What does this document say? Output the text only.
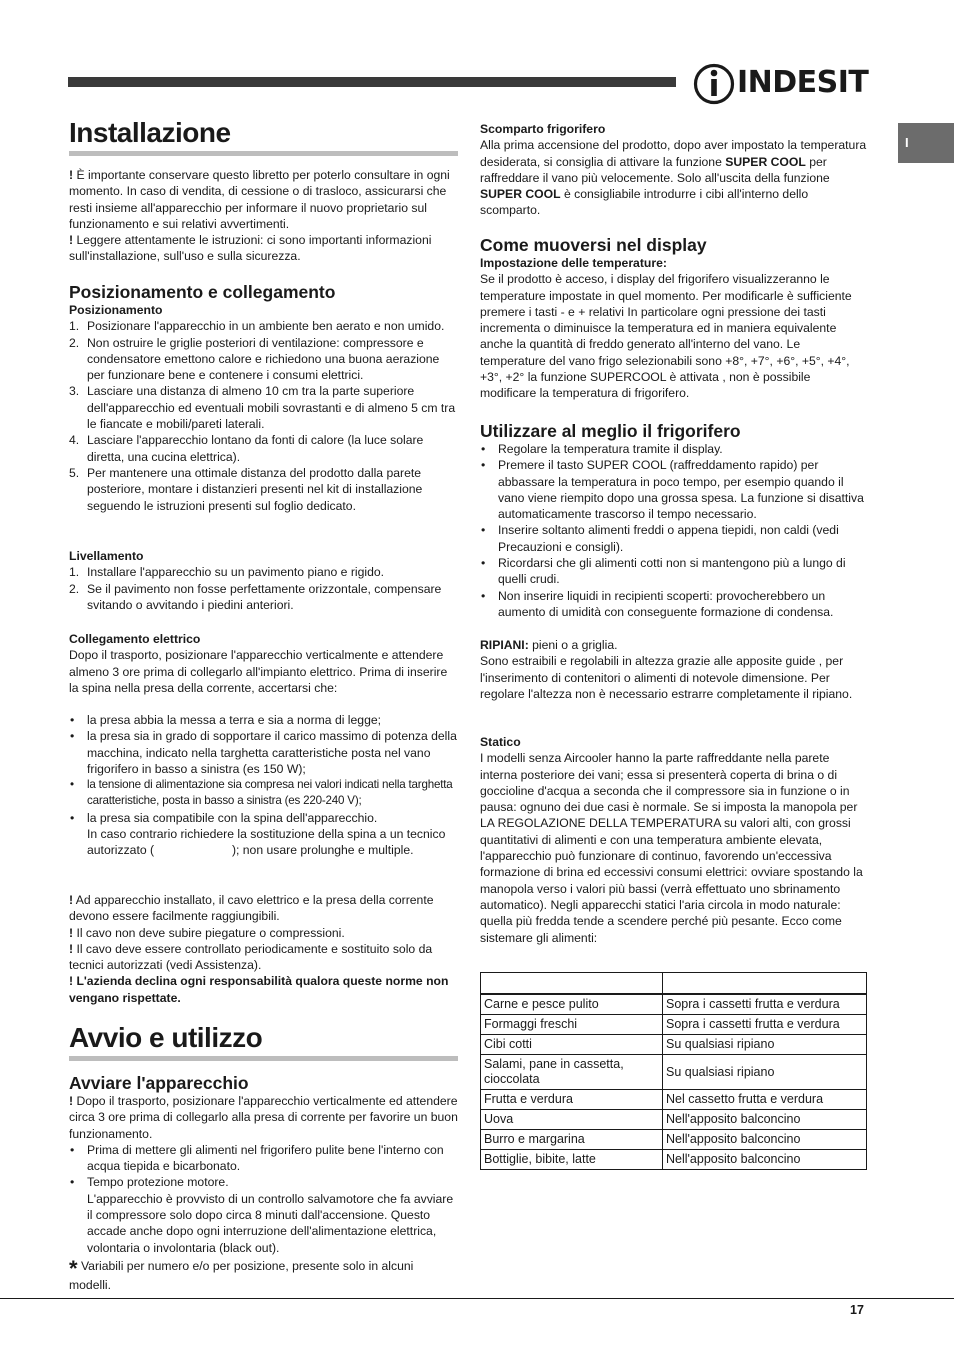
INDESIT
I
Installazione

! È importante conservare questo libretto per poterlo consultare in ogni momento. In caso di vendita, di cessione o di trasloco, assicurarsi che resti insieme all'apparecchio per informare il nuovo proprietario sul funzionamento e sui relativi avvertimenti.

! Leggere attentamente le istruzioni: ci sono importanti informazioni sull'installazione, sull'uso e sulla sicurezza.

Posizionamento e collegamento
Posizionamento
1. Posizionare l'apparecchio in un ambiente ben aerato e non umido.
2. Non ostruire le griglie posteriori di ventilazione: compressore e condensatore emettono calore e richiedono una buona aerazione per funzionare bene e contenere i consumi elettrici.
3. Lasciare una distanza di almeno 10 cm tra la parte superiore dell'apparecchio ed eventuali mobili sovrastanti e di almeno 5 cm tra le fiancate e mobili/pareti laterali.
4. Lasciare l'apparecchio lontano da fonti di calore (la luce solare diretta, una cucina elettrica).
5. Per mantenere una ottimale distanza del prodotto dalla parete posteriore, montare i distanzieri presenti nel kit di installazione seguendo le istruzioni presenti sul foglio dedicato.
Livellamento
1. Installare l'apparecchio su un pavimento piano e rigido.
2. Se il pavimento non fosse perfettamente orizzontale, compensare svitando o avvitando i piedini anteriori.
Collegamento elettrico

Dopo il trasporto, posizionare l'apparecchio verticalmente e attendere almeno 3 ore prima di collegarlo all'impianto elettrico. Prima di inserire la spina nella presa della corrente, accertarsi che:

• la presa abbia la messa a terra e sia a norma di legge;
• la presa sia in grado di sopportare il carico massimo di potenza della macchina, indicato nella targhetta caratteristiche posta nel vano frigorifero in basso a sinistra (es 150 W);
• la tensione di alimentazione sia compresa nei valori indicati nella targhetta caratteristiche, posta in basso a sinistra (es 220-240 V);
• la presa sia compatibile con la spina dell'apparecchio.
In caso contrario richiedere la sostituzione della spina a un tecnico autorizzato (                       ); non usare prolunghe e multiple.

! Ad apparecchio installato, il cavo elettrico e la presa della corrente devono essere facilmente raggiungibili.

! Il cavo non deve subire piegature o compressioni.

! Il cavo deve essere controllato periodicamente e sostituito solo da tecnici autorizzati (vedi Assistenza).

! L'azienda declina ogni responsabilità qualora queste norme non vengano rispettate.

Avvio e utilizzo
Avviare l'apparecchio

! Dopo il trasporto, posizionare l'apparecchio verticalmente ed attendere circa 3 ore prima di collegarlo alla presa di corrente per favorire un buon funzionamento.

• Prima di mettere gli alimenti nel frigorifero pulite bene l'interno con acqua tiepida e bicarbonato.
• Tempo protezione motore.
L'apparecchio è provvisto di un controllo salvamotore che fa avviare il compressore solo dopo circa 8 minuti dall'accensione. Questo accade anche dopo ogni interruzione dell'alimentazione elettrica, volontaria o involontaria (black out).

* Variabili per numero e/o per posizione, presente solo in alcuni modelli.

Scomparto frigorifero

Alla prima accensione del prodotto, dopo aver impostato la temperatura desiderata, si consiglia di attivare la funzione SUPER COOL per raffreddare il vano più velocemente. Solo all'uscita della funzione SUPER COOL è consigliabile introdurre i cibi all'interno dello scomparto.

Come muoversi nel display
Impostazione delle temperature:

Se il prodotto è acceso, i display del frigorifero visualizzeranno le temperature impostate in quel momento. Per modificarle è sufficiente premere i tasti - e + relativi In particolare ogni pressione dei tasti incrementa o diminuisce la temperatura ed in maniera equivalente anche la quantità di freddo generato all'interno del vano. Le temperature del vano frigo selezionabili sono +8°, +7°, +6°, +5°, +4°, +3°, +2° la funzione SUPERCOOL è attivata , non è possibile modificare la temperatura di frigorifero.

Utilizzare al meglio il frigorifero
• Regolare la temperatura tramite il display.
• Premere il tasto SUPER COOL (raffreddamento rapido) per abbassare la temperatura in poco tempo, per esempio quando il vano viene riempito dopo una grossa spesa. La funzione si disattiva automaticamente trascorso il tempo necessario.
• Inserire soltanto alimenti freddi o appena tiepidi, non caldi (vedi Precauzioni e consigli).
• Ricordarsi che gli alimenti cotti non si mantengono più a lungo di quelli crudi.
• Non inserire liquidi in recipienti scoperti: provocherebbero un aumento di umidità con conseguente formazione di condensa.

RIPIANI: pieni o a griglia.

Sono estraibili e regolabili in altezza grazie alle apposite guide , per l'inserimento di contenitori o alimenti di notevole dimensione. Per regolare l'altezza non è necessario estrarre completamente il ripiano.

Statico

I modelli senza Aircooler hanno la parte raffreddante nella parete interna posteriore dei vani; essa si presenterà coperta di brina o di goccioline d'acqua a seconda che il compressore sia in funzione o in pausa: ognuno dei due casi è normale. Se si imposta la manopola per LA REGOLAZIONE DELLA TEMPERATURA su valori alti, con grossi quantitativi di alimenti e con una temperatura ambiente elevata, l'apparecchio può funzionare di continuo, favorendo un'eccessiva formazione di brina ed eccessivi consumi elettrici: ovviare spostando la manopola verso i valori più bassi (verrà effettuato uno sbrinamento automatico). Negli apparecchi statici l'aria circola in modo naturale: quella più fredda tende a scendere perché più pesante. Ecco come sistemare gli alimenti:

Carne e pesce pulito	Sopra i cassetti frutta e verdura
Formaggi freschi	Sopra i cassetti frutta e verdura
Cibi cotti	Su qualsiasi ripiano
Salami, pane in cassetta, cioccolata	Su qualsiasi ripiano
Frutta e verdura	Nel cassetto frutta e verdura
Uova	Nell'apposito balconcino
Burro e margarina	Nell'apposito balconcino
Bottiglie, bibite, latte	Nell'apposito balconcino
17
